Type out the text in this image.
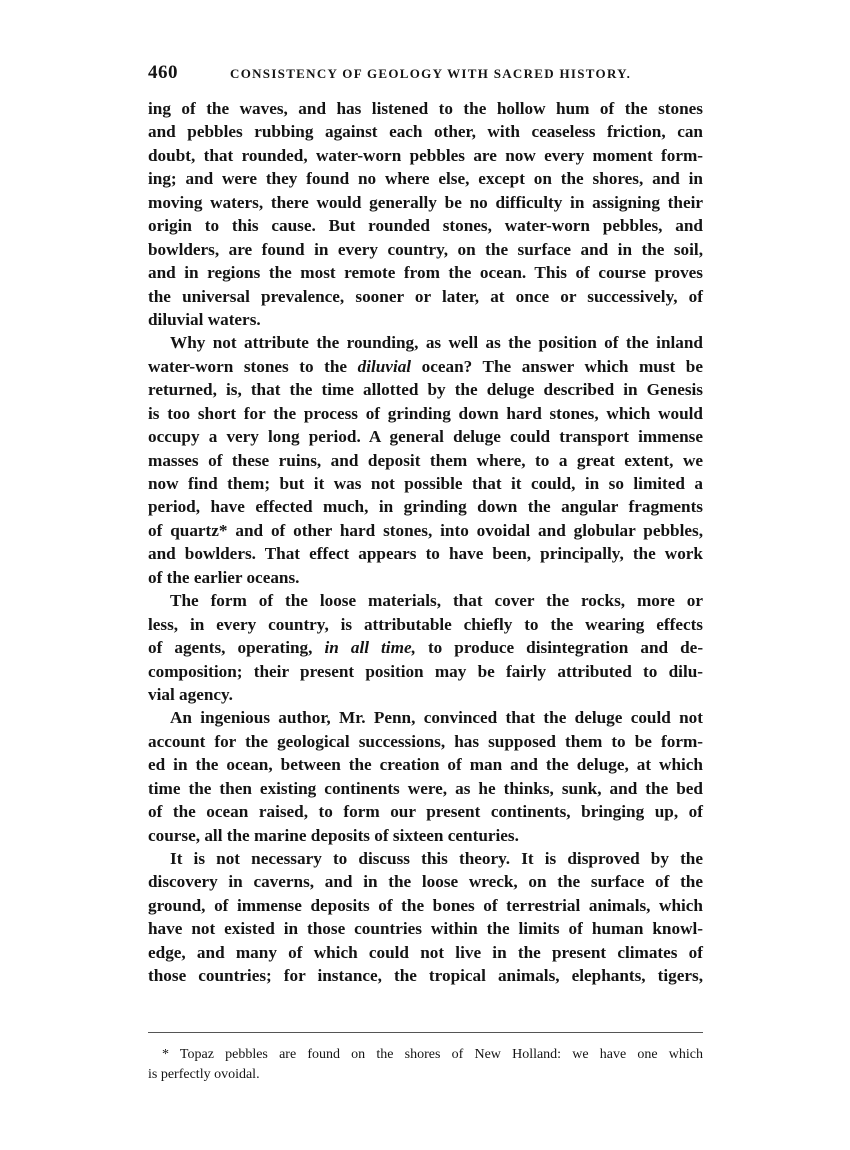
460	CONSISTENCY OF GEOLOGY WITH SACRED HISTORY.
ing of the waves, and has listened to the hollow hum of the stones
and pebbles rubbing against each other, with ceaseless friction, can
doubt, that rounded, water-worn pebbles are now every moment form-
ing; and were they found no where else, except on the shores, and in
moving waters, there would generally be no difficulty in assigning their
origin to this cause. But rounded stones, water-worn pebbles, and
bowlders, are found in every country, on the surface and in the soil,
and in regions the most remote from the ocean. This of course proves
the universal prevalence, sooner or later, at once or successively, of
diluvial waters.
Why not attribute the rounding, as well as the position of the inland
water-worn stones to the diluvial ocean? The answer which must be
returned, is, that the time allotted by the deluge described in Genesis
is too short for the process of grinding down hard stones, which would
occupy a very long period. A general deluge could transport immense
masses of these ruins, and deposit them where, to a great extent, we
now find them; but it was not possible that it could, in so limited a
period, have effected much, in grinding down the angular fragments
of quartz* and of other hard stones, into ovoidal and globular pebbles,
and bowlders. That effect appears to have been, principally, the work
of the earlier oceans.
The form of the loose materials, that cover the rocks, more or
less, in every country, is attributable chiefly to the wearing effects
of agents, operating, in all time, to produce disintegration and de-
composition; their present position may be fairly attributed to dilu-
vial agency.
An ingenious author, Mr. Penn, convinced that the deluge could not
account for the geological successions, has supposed them to be form-
ed in the ocean, between the creation of man and the deluge, at which
time the then existing continents were, as he thinks, sunk, and the bed
of the ocean raised, to form our present continents, bringing up, of
course, all the marine deposits of sixteen centuries.
It is not necessary to discuss this theory. It is disproved by the
discovery in caverns, and in the loose wreck, on the surface of the
ground, of immense deposits of the bones of terrestrial animals, which
have not existed in those countries within the limits of human knowl-
edge, and many of which could not live in the present climates of
those countries; for instance, the tropical animals, elephants, tigers,
* Topaz pebbles are found on the shores of New Holland: we have one which
is perfectly ovoidal.
